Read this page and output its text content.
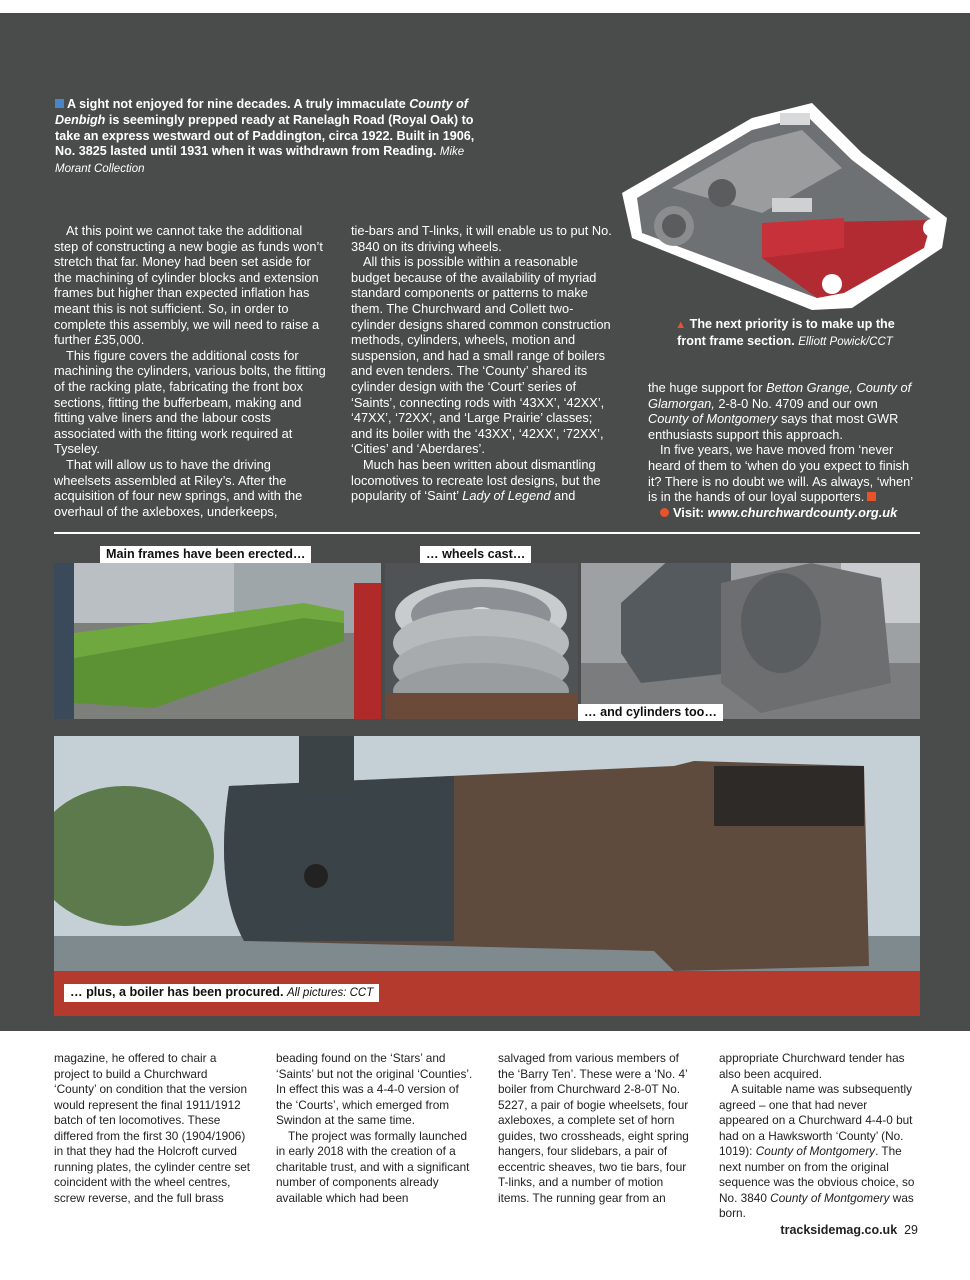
A sight not enjoyed for nine decades. A truly immaculate County of Denbigh is seemingly prepped ready at Ranelagh Road (Royal Oak) to take an express westward out of Paddington, circa 1922. Built in 1906, No. 3825 lasted until 1931 when it was withdrawn from Reading. Mike Morant Collection

At this point we cannot take the additional step of constructing a new bogie as funds won’t stretch that far. Money had been set aside for the machining of cylinder blocks and extension frames but higher than expected inflation has meant this is not sufficient. So, in order to complete this assembly, we will need to raise a further £35,000.

This figure covers the additional costs for machining the cylinders, various bolts, the fitting of the racking plate, fabricating the front box sections, fitting the bufferbeam, making and fitting valve liners and the labour costs associated with the fitting work required at Tyseley.

That will allow us to have the driving wheelsets assembled at Riley’s. After the acquisition of four new springs, and with the overhaul of the axleboxes, underkeeps,

tie-bars and T-links, it will enable us to put No. 3840 on its driving wheels.

All this is possible within a reasonable budget because of the availability of myriad standard components or patterns to make them. The Churchward and Collett two-cylinder designs shared common construction methods, cylinders, wheels, motion and suspension, and had a small range of boilers and even tenders. The ‘County’ shared its cylinder design with the ‘Court’ series of ‘Saints’, connecting rods with ‘43XX’, ‘42XX’, ‘47XX’, ‘72XX’, and ‘Large Prairie’ classes; and its boiler with the ‘43XX’, ‘42XX’, ‘72XX’, ‘Cities’ and ‘Aberdares’.

Much has been written about dismantling locomotives to recreate lost designs, but the popularity of ‘Saint’ Lady of Legend and

▲ The next priority is to make up the front frame section. Elliott Powick/CCT

the huge support for Betton Grange, County of Glamorgan, 2-8-0 No. 4709 and our own County of Montgomery says that most GWR enthusiasts support this approach.

In five years, we have moved from ‘never heard of them to ‘when do you expect to finish it? There is no doubt we will. As always, ‘when’ is in the hands of our loyal supporters.

Visit: www.churchwardcounty.org.uk

Main frames have been erected…	… wheels cast…
… and cylinders too…
… plus, a boiler has been procured. All pictures: CCT

magazine, he offered to chair a project to build a Churchward ‘County’ on condition that the version would represent the final 1911/1912 batch of ten locomotives. These differed from the first 30 (1904/1906) in that they had the Holcroft curved running plates, the cylinder centre set coincident with the wheel centres, screw reverse, and the full brass

beading found on the ‘Stars’ and ‘Saints’ but not the original ‘Counties’. In effect this was a 4-4-0 version of the ‘Courts’, which emerged from Swindon at the same time.

The project was formally launched in early 2018 with the creation of a charitable trust, and with a significant number of components already available which had been

salvaged from various members of the ‘Barry Ten’. These were a ‘No. 4’ boiler from Churchward 2-8-0T No. 5227, a pair of bogie wheelsets, four axleboxes, a complete set of horn guides, two crossheads, eight spring hangers, four slidebars, a pair of eccentric sheaves, two tie bars, four T-links, and a number of motion items. The running gear from an

appropriate Churchward tender has also been acquired.

A suitable name was subsequently agreed – one that had never appeared on a Churchward 4-4-0 but had on a Hawksworth ‘County’ (No. 1019): County of Montgomery. The next number on from the original sequence was the obvious choice, so No. 3840 County of Montgomery was born.

tracksidemag.co.uk 29
